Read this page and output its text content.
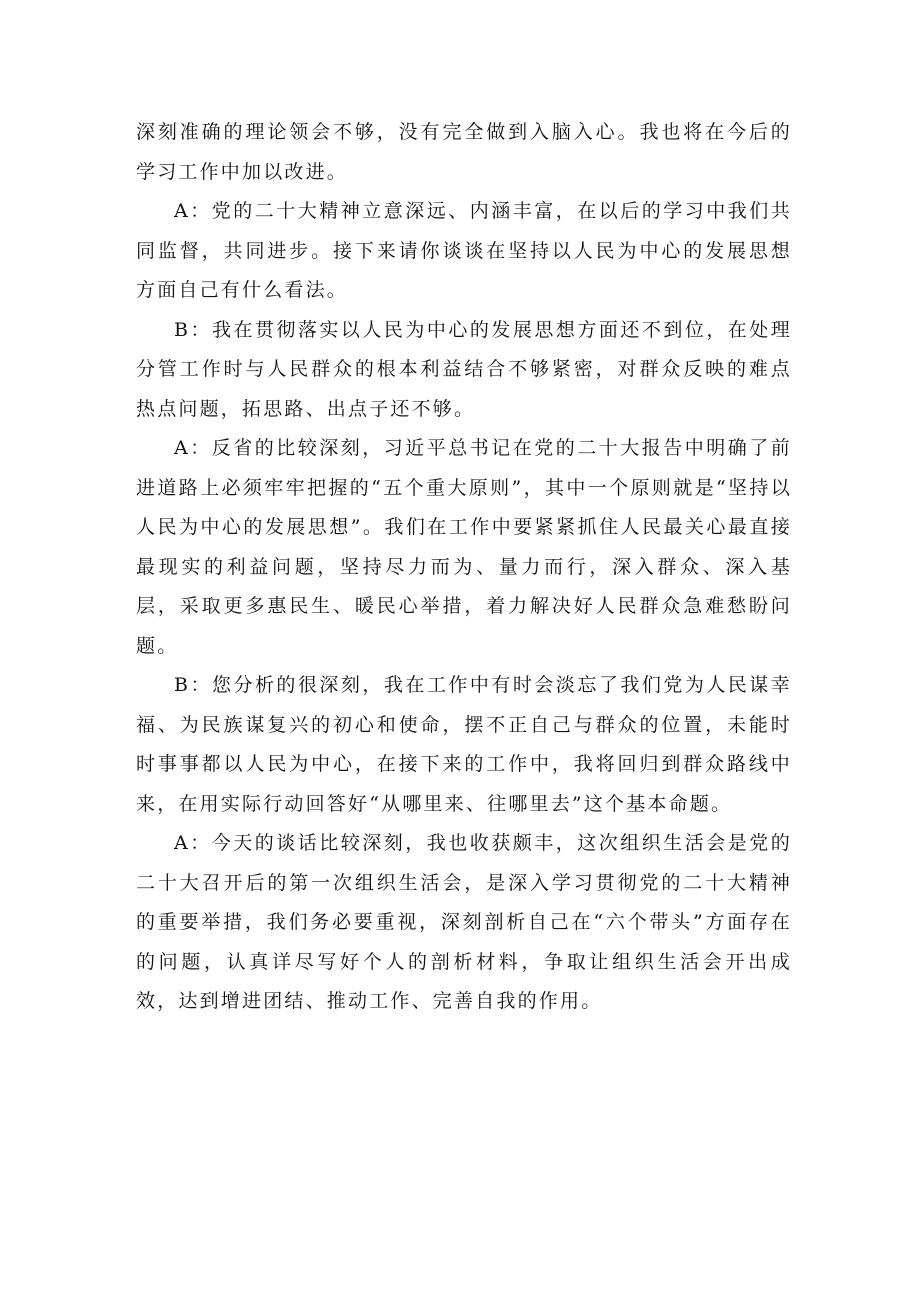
深刻准确的理论领会不够，没有完全做到入脑入心。我也将在今后的学习工作中加以改进。

A：党的二十大精神立意深远、内涵丰富，在以后的学习中我们共同监督，共同进步。接下来请你谈谈在坚持以人民为中心的发展思想方面自己有什么看法。

B：我在贯彻落实以人民为中心的发展思想方面还不到位，在处理分管工作时与人民群众的根本利益结合不够紧密，对群众反映的难点热点问题，拓思路、出点子还不够。

A：反省的比较深刻，习近平总书记在党的二十大报告中明确了前进道路上必须牢牢把握的“五个重大原则”，其中一个原则就是“坚持以人民为中心的发展思想”。我们在工作中要紧紧抓住人民最关心最直接最现实的利益问题，坚持尽力而为、量力而行，深入群众、深入基层，采取更多惠民生、暖民心举措，着力解决好人民群众急难愁盼问题。

B：您分析的很深刻，我在工作中有时会淡忘了我们党为人民谋幸福、为民族谋复兴的初心和使命，摆不正自己与群众的位置，未能时时事事都以人民为中心，在接下来的工作中，我将回归到群众路线中来，在用实际行动回答好“从哪里来、往哪里去”这个基本命题。

A：今天的谈话比较深刻，我也收获颇丰，这次组织生活会是党的二十大召开后的第一次组织生活会，是深入学习贯彻党的二十大精神的重要举措，我们务必要重视，深刻剖析自己在“六个带头”方面存在的问题，认真详尽写好个人的剖析材料，争取让组织生活会开出成效，达到增进团结、推动工作、完善自我的作用。
